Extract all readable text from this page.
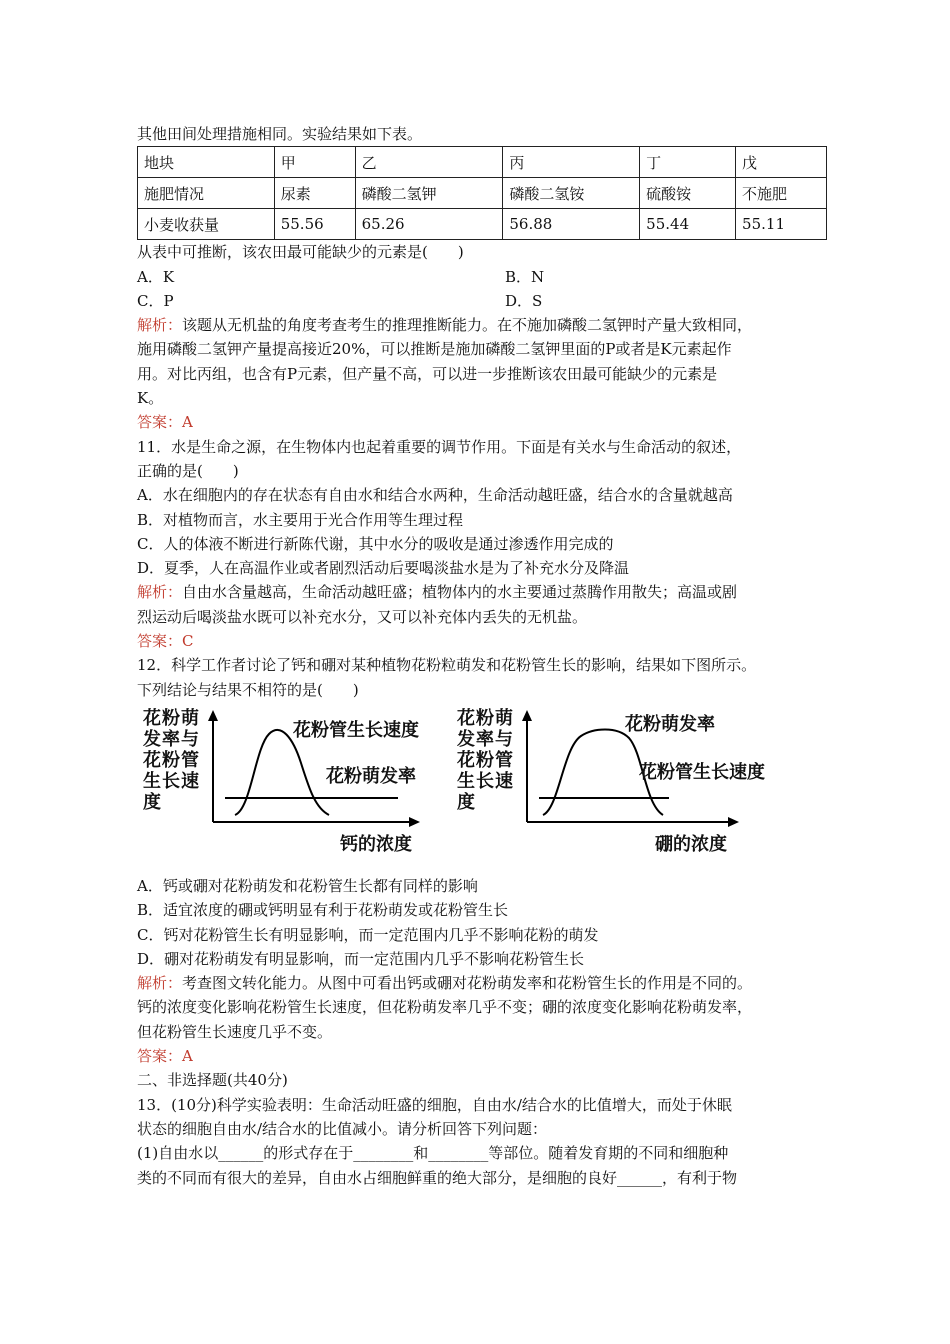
其他田间处理措施相同。实验结果如下表。
地块	甲	乙	丙	丁	戊
施肥情况	尿素	磷酸二氢钾	磷酸二氢铵	硫酸铵	不施肥
小麦收获量	55.56	65.26	56.88	55.44	55.11
从表中可推断，该农田最可能缺少的元素是(　　)
A．K	B．N
C．P	D．S
解析：该题从无机盐的角度考查考生的推理推断能力。在不施加磷酸二氢钾时产量大致相同，
施用磷酸二氢钾产量提高接近20%，可以推断是施加磷酸二氢钾里面的P或者是K元素起作
用。对比丙组，也含有P元素，但产量不高，可以进一步推断该农田最可能缺少的元素是
K。
答案：A
11．水是生命之源，在生物体内也起着重要的调节作用。下面是有关水与生命活动的叙述，
正确的是(　　)
A．水在细胞内的存在状态有自由水和结合水两种，生命活动越旺盛，结合水的含量就越高
B．对植物而言，水主要用于光合作用等生理过程
C．人的体液不断进行新陈代谢，其中水分的吸收是通过渗透作用完成的
D．夏季，人在高温作业或者剧烈活动后要喝淡盐水是为了补充水分及降温
解析：自由水含量越高，生命活动越旺盛；植物体内的水主要通过蒸腾作用散失；高温或剧
烈运动后喝淡盐水既可以补充水分，又可以补充体内丢失的无机盐。
答案：C
12．科学工作者讨论了钙和硼对某种植物花粉粒萌发和花粉管生长的影响，结果如下图所示。
下列结论与结果不相符的是(　　)
花粉萌
发率与
花粉管
生长速
度
花粉管生长速度
花粉萌发率
钙的浓度
花粉萌
发率与
花粉管
生长速
度
花粉萌发率
花粉管生长速度
硼的浓度
A．钙或硼对花粉萌发和花粉管生长都有同样的影响
B．适宜浓度的硼或钙明显有利于花粉萌发或花粉管生长
C．钙对花粉管生长有明显影响，而一定范围内几乎不影响花粉的萌发
D．硼对花粉萌发有明显影响，而一定范围内几乎不影响花粉管生长
解析：考查图文转化能力。从图中可看出钙或硼对花粉萌发率和花粉管生长的作用是不同的。
钙的浓度变化影响花粉管生长速度，但花粉萌发率几乎不变；硼的浓度变化影响花粉萌发率，
但花粉管生长速度几乎不变。
答案：A
二、非选择题(共40分)
13．(10分)科学实验表明：生命活动旺盛的细胞，自由水/结合水的比值增大，而处于休眠
状态的细胞自由水/结合水的比值减小。请分析回答下列问题：
(1)自由水以______的形式存在于________和________等部位。随着发育期的不同和细胞种
类的不同而有很大的差异，自由水占细胞鲜重的绝大部分，是细胞的良好______，有利于物
